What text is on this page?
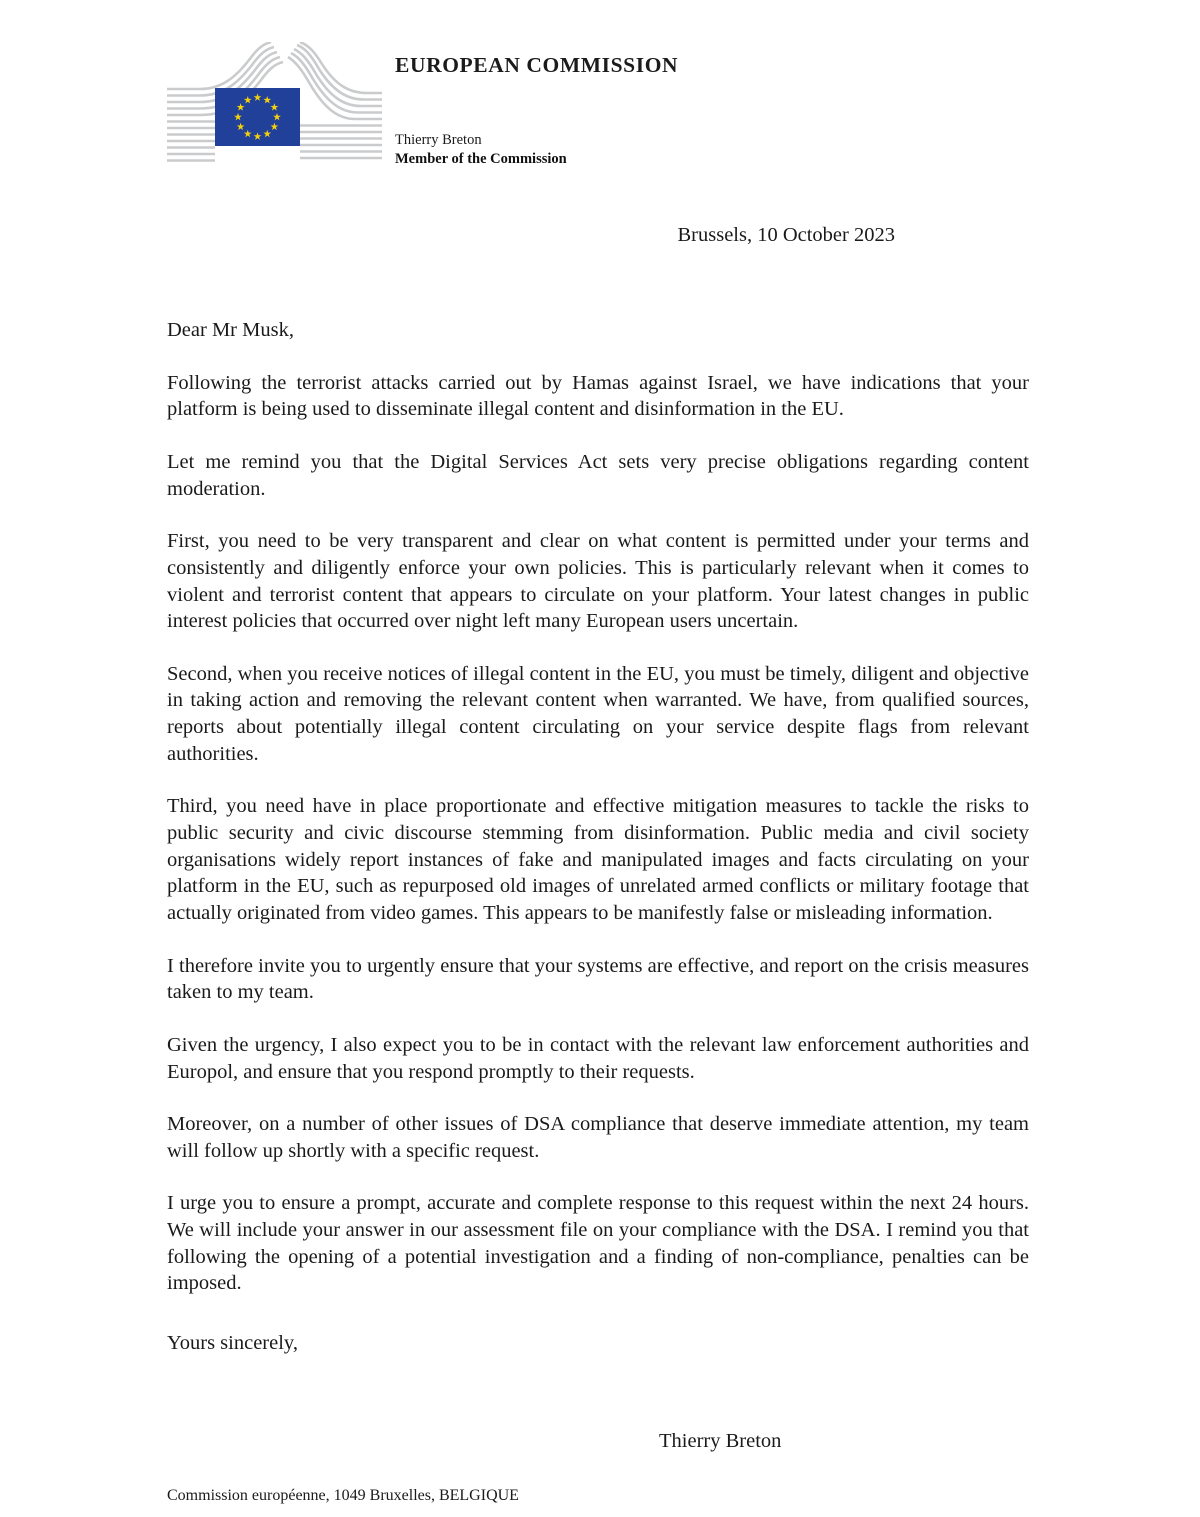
EUROPEAN COMMISSION
Thierry Breton
Member of the Commission

Brussels, 10 October 2023

Dear Mr Musk,

Following the terrorist attacks carried out by Hamas against Israel, we have indications that your platform is being used to disseminate illegal content and disinformation in the EU.

Let me remind you that the Digital Services Act sets very precise obligations regarding content moderation.

First, you need to be very transparent and clear on what content is permitted under your terms and consistently and diligently enforce your own policies. This is particularly relevant when it comes to violent and terrorist content that appears to circulate on your platform. Your latest changes in public interest policies that occurred over night left many European users uncertain.

Second, when you receive notices of illegal content in the EU, you must be timely, diligent and objective in taking action and removing the relevant content when warranted. We have, from qualified sources, reports about potentially illegal content circulating on your service despite flags from relevant authorities.

Third, you need have in place proportionate and effective mitigation measures to tackle the risks to public security and civic discourse stemming from disinformation. Public media and civil society organisations widely report instances of fake and manipulated images and facts circulating on your platform in the EU, such as repurposed old images of unrelated armed conflicts or military footage that actually originated from video games. This appears to be manifestly false or misleading information.

I therefore invite you to urgently ensure that your systems are effective, and report on the crisis measures taken to my team.

Given the urgency, I also expect you to be in contact with the relevant law enforcement authorities and Europol, and ensure that you respond promptly to their requests.

Moreover, on a number of other issues of DSA compliance that deserve immediate attention, my team will follow up shortly with a specific request.

I urge you to ensure a prompt, accurate and complete response to this request within the next 24 hours. We will include your answer in our assessment file on your compliance with the DSA. I remind you that following the opening of a potential investigation and a finding of non-compliance, penalties can be imposed.

Yours sincerely,

Thierry Breton

Commission européenne, 1049 Bruxelles, BELGIQUE
